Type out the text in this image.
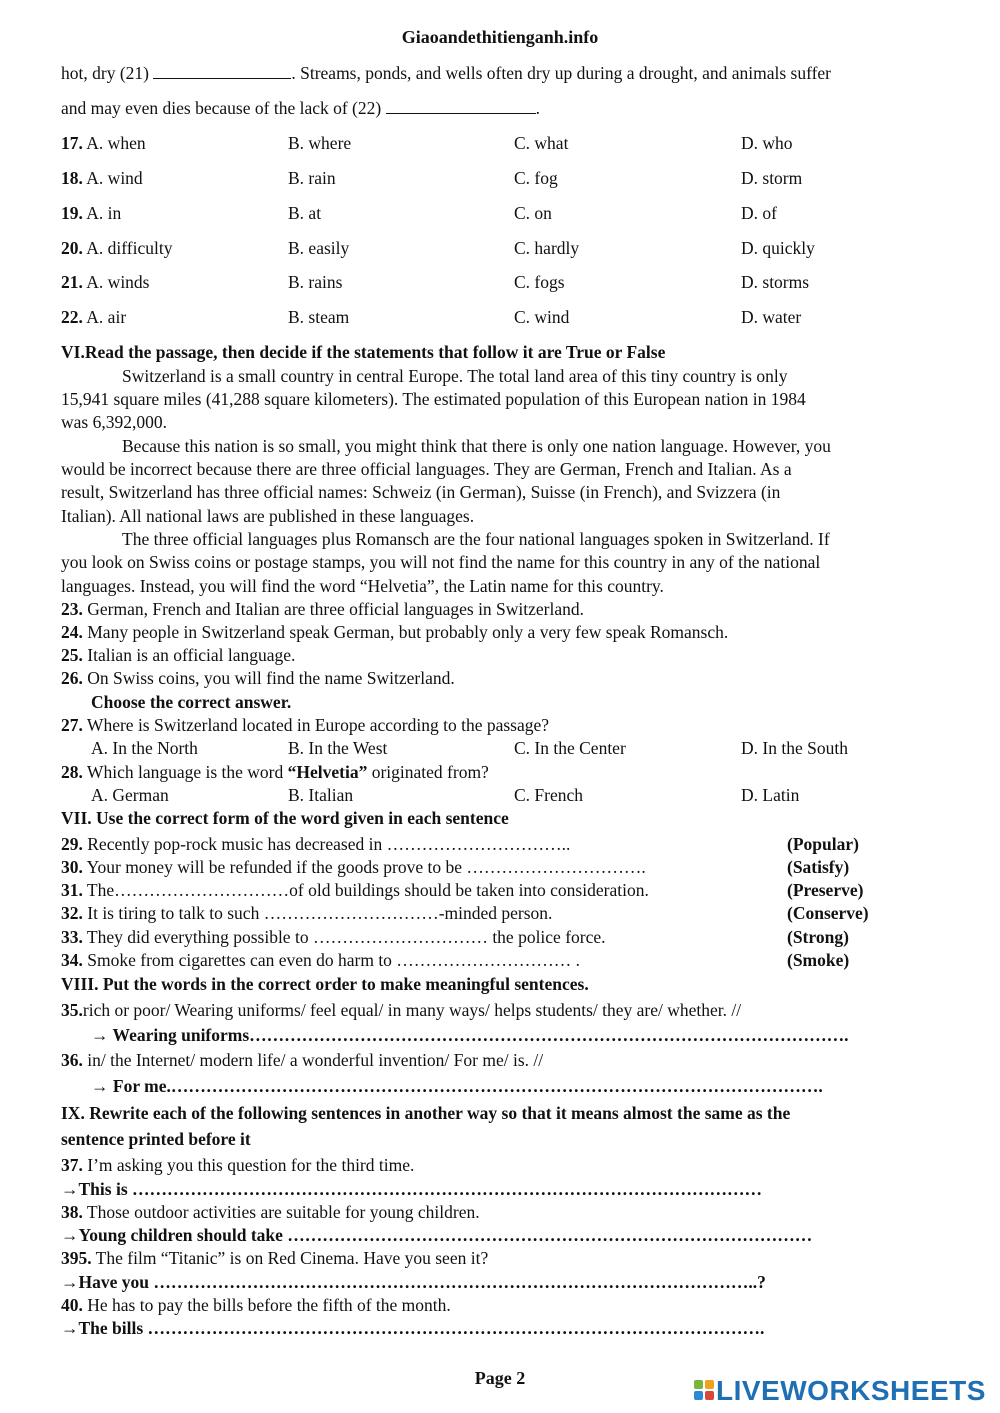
Giaoandethitienganh.info
hot, dry (21)	. Streams, ponds, and wells often dry up during a drought, and animals suffer
and may even dies because of the lack of (22)	.
17. A. when	B. where	C. what	D. who
18. A. wind	B. rain	C. fog	D. storm
19. A. in	B. at	C. on	D. of
20. A. difficulty	B. easily	C. hardly	D. quickly
21. A. winds	B. rains	C. fogs	D. storms
22. A. air	B. steam	C. wind	D. water
VI.Read the passage, then decide if the statements that follow it are True or False
Switzerland is a small country in central Europe. The total land area of this tiny country is only
15,941 square miles (41,288 square kilometers). The estimated population of this European nation in 1984
was 6,392,000.
Because this nation is so small, you might think that there is only one nation language. However, you
would be incorrect because there are three official languages. They are German, French and Italian. As a
result, Switzerland has three official names: Schweiz (in German), Suisse (in French), and Svizzera (in
Italian). All national laws are published in these languages.
The three official languages plus Romansch are the four national languages spoken in Switzerland. If
you look on Swiss coins or postage stamps, you will not find the name for this country in any of the national
languages. Instead, you will find the word “Helvetia”, the Latin name for this country.
23. German, French and Italian are three official languages in Switzerland.
24. Many people in Switzerland speak German, but probably only a very few speak Romansch.
25. Italian is an official language.
26. On Swiss coins, you will find the name Switzerland.
Choose the correct answer.
27. Where is Switzerland located in Europe according to the passage?
A. In the North	B. In the West	C. In the Center	D. In the South
28. Which language is the word “Helvetia” originated from?
A. German	B. Italian	C. French	D. Latin
VII. Use the correct form of the word given in each sentence
29. Recently pop-rock music has decreased in …………………………..	(Popular)
30. Your money will be refunded if the goods prove to be ………………………….	(Satisfy)
31. The…………………………of old buildings should be taken into consideration.	(Preserve)
32. It is tiring to talk to such …………………………-minded person.	(Conserve)
33. They did everything possible to ………………………… the police force.	(Strong)
34. Smoke from cigarettes can even do harm to ………………………… .	(Smoke)
VIII. Put the words in the correct order to make meaningful sentences.
35.rich or poor/ Wearing uniforms/ feel equal/ in many ways/ helps students/ they are/ whether. //
→ Wearing uniforms………………………………………………………………………………………….
36. in/ the Internet/ modern life/ a wonderful invention/ For me/ is. //
→ For me.………………………………………………………………………………………………….
IX. Rewrite each of the following sentences in another way so that it means almost the same as the
sentence printed before it
37. I’m asking you this question for the third time.
→This is ………………………………………………………………………………………………
38. Those outdoor activities are suitable for young children.
→Young children should take ………………………………………………………………………………
395. The film “Titanic” is on Red Cinema. Have you seen it?
→Have you …………………………………………………………………………………………..?
40. He has to pay the bills before the fifth of the month.
→The bills …………………………………………………………………………………………….
Page 2	LIVEWORKSHEETS
